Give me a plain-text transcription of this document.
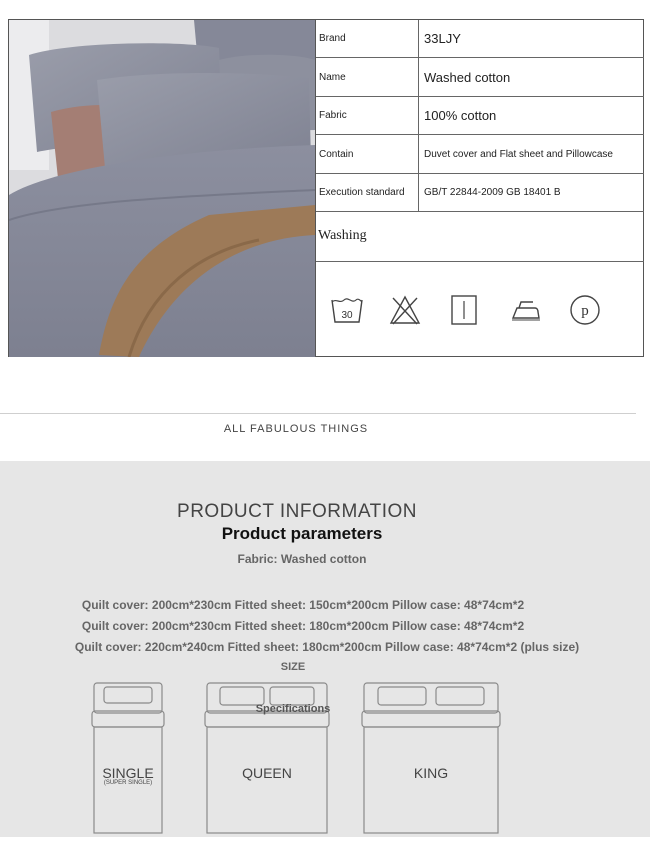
Brand	33LJY
Name	Washed cotton
Fabric	100% cotton
Contain	Duvet cover and Flat sheet and Pillowcase
Execution standard	GB/T 22844-2009 GB 18401 B
Washing
30	p
ALL FABULOUS THINGS
PRODUCT INFORMATION
Product parameters
Fabric: Washed cotton
Quilt cover: 200cm*230cm Fitted sheet: 150cm*200cm Pillow case: 48*74cm*2
Quilt cover: 200cm*230cm Fitted sheet: 180cm*200cm Pillow case: 48*74cm*2
Quilt cover: 220cm*240cm Fitted sheet: 180cm*200cm Pillow case: 48*74cm*2 (plus size)
SINGLE
(SUPER SINGLE)
QUEEN	KING
SIZE
Specifications
